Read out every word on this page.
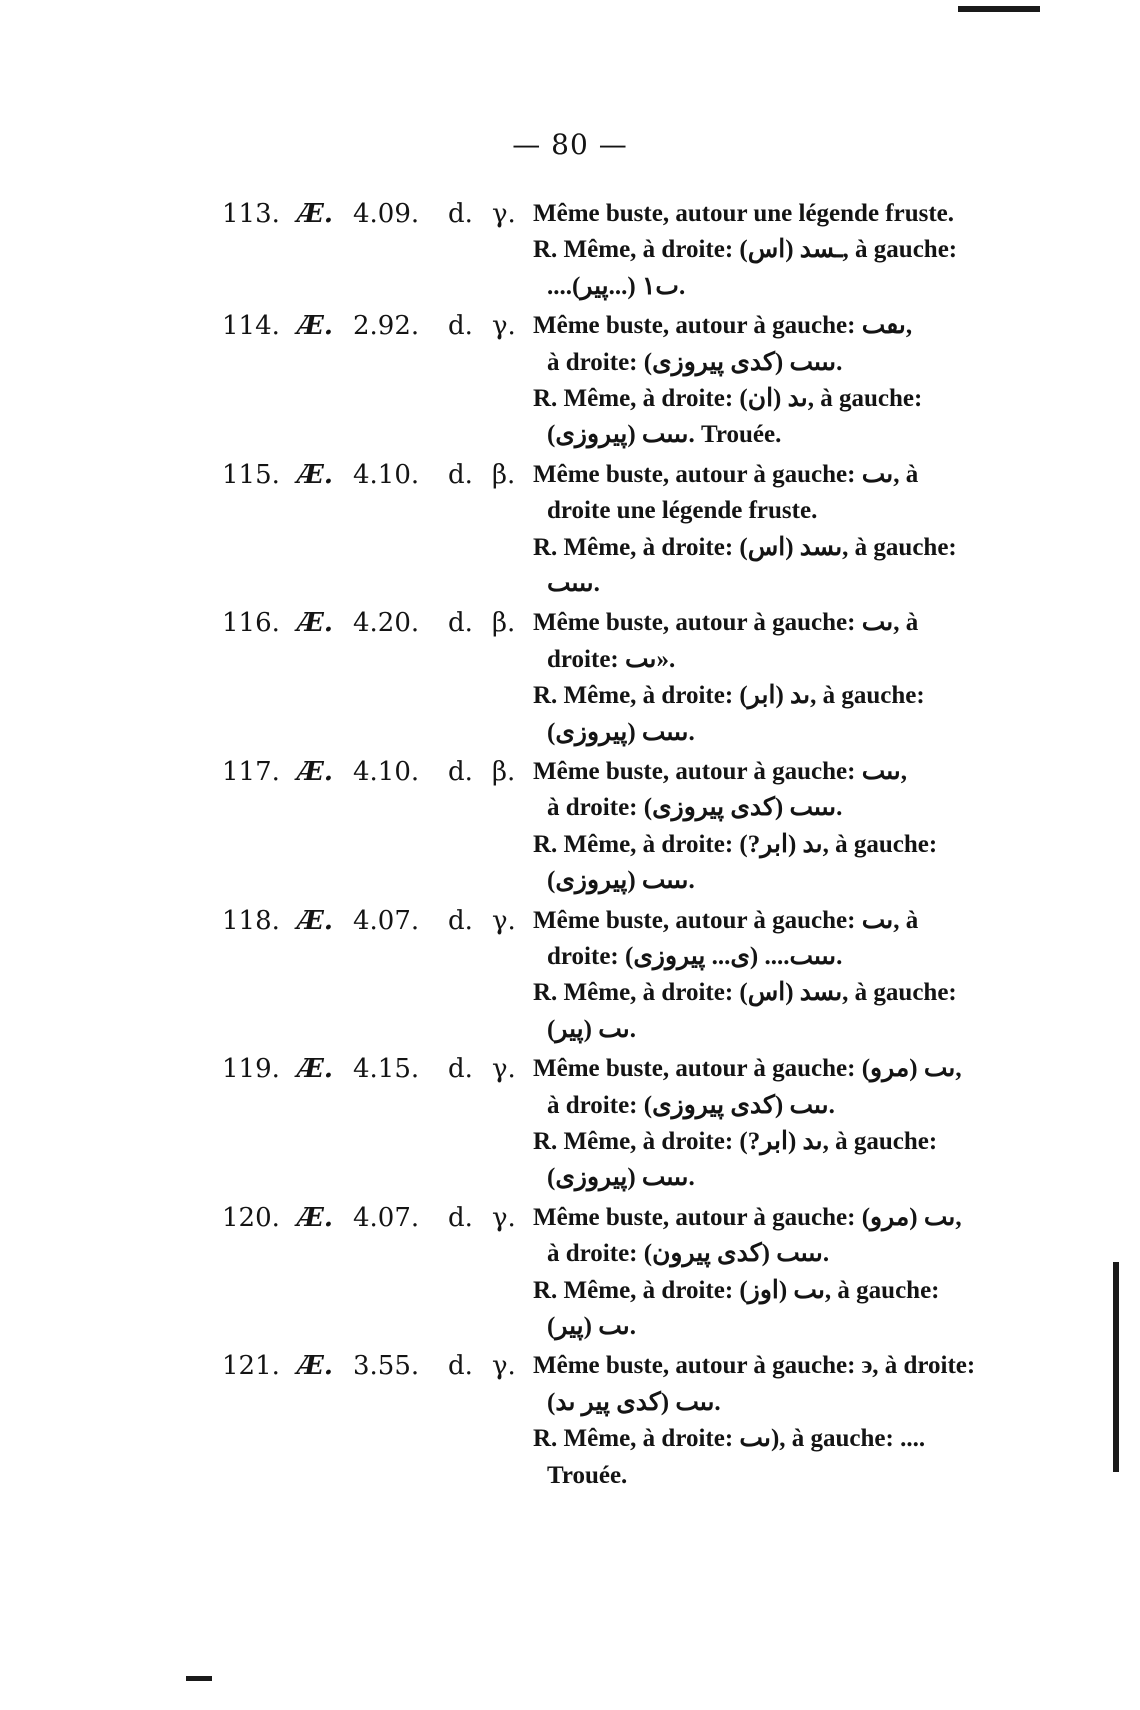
— 80 —
113. Æ. 4.09. d. γ. Même buste, autour une légende fruste.
R. Même, à droite: ـسد (اس), à gauche:
....ٮ١ (...پیر).
114. Æ. 2.92. d. γ. Même buste, autour à gauche: ٮڡٮ,
à droite: ٮٮٮٮ (کدی پیروزی).
R. Même, à droite: ٮد (ان), à gauche:
ٮٮٮٮ (پیروزی). Trouée.
115. Æ. 4.10. d. β. Même buste, autour à gauche: ٮٮ, à
droite une légende fruste.
R. Même, à droite: ٮسد (اس), à gauche:
ٮٮٮٮ.
116. Æ. 4.20. d. β. Même buste, autour à gauche: ٮٮ, à
droite: ٮٮ».
R. Même, à droite: ٮد (ابر), à gauche:
ٮٮٮٮ (پیروزی).
117. Æ. 4.10. d. β. Même buste, autour à gauche: ٮٮٮ,
à droite: ٮٮٮٮ (کدی پیروزی).
R. Même, à droite: ٮد (ابر?), à gauche:
ٮٮٮٮ (پیروزی).
118. Æ. 4.07. d. γ. Même buste, autour à gauche: ٮٮ, à
droite: ٮٮٮٮ.... (ی... پیروزی).
R. Même, à droite: ٮسد (اس), à gauche:
ٮٮ (پیر).
119. Æ. 4.15. d. γ. Même buste, autour à gauche: ٮٮ (مرو),
à droite: ٮٮٮ (کدی پیروزی).
R. Même, à droite: ٮد (ابر?), à gauche:
ٮٮٮٮ (پیروزی).
120. Æ. 4.07. d. γ. Même buste, autour à gauche: ٮٮ (مرو),
à droite: ٮٮٮٮ (کدی پیرون).
R. Même, à droite: ٮٮ (اوز), à gauche:
ٮٮ (پیر).
121. Æ. 3.55. d. γ. Même buste, autour à gauche: ϶, à droite:
ٮٮٮ (کدی پیر ٮد).
R. Même, à droite: ٮٮ), à gauche: ....
Trouée.
